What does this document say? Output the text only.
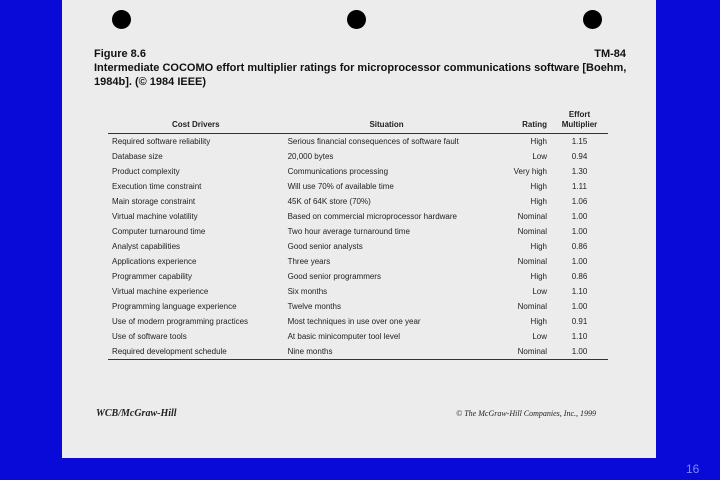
Figure 8.6	TM-84
Intermediate COCOMO effort multiplier ratings for microprocessor communications software [Boehm, 1984b]. (© 1984 IEEE)
Cost Drivers	Situation	Rating	Effort Multiplier
Required software reliability	Serious financial consequences of software fault	High	1.15
Database size	20,000 bytes	Low	0.94
Product complexity	Communications processing	Very high	1.30
Execution time constraint	Will use 70% of available time	High	1.11
Main storage constraint	45K of 64K store (70%)	High	1.06
Virtual machine volatility	Based on commercial microprocessor hardware	Nominal	1.00
Computer turnaround time	Two hour average turnaround time	Nominal	1.00
Analyst capabilities	Good senior analysts	High	0.86
Applications experience	Three years	Nominal	1.00
Programmer capability	Good senior programmers	High	0.86
Virtual machine experience	Six months	Low	1.10
Programming language experience	Twelve months	Nominal	1.00
Use of modern programming practices	Most techniques in use over one year	High	0.91
Use of software tools	At basic minicomputer tool level	Low	1.10
Required development schedule	Nine months	Nominal	1.00
WCB/McGraw-Hill	© The McGraw-Hill Companies, Inc., 1999
16
